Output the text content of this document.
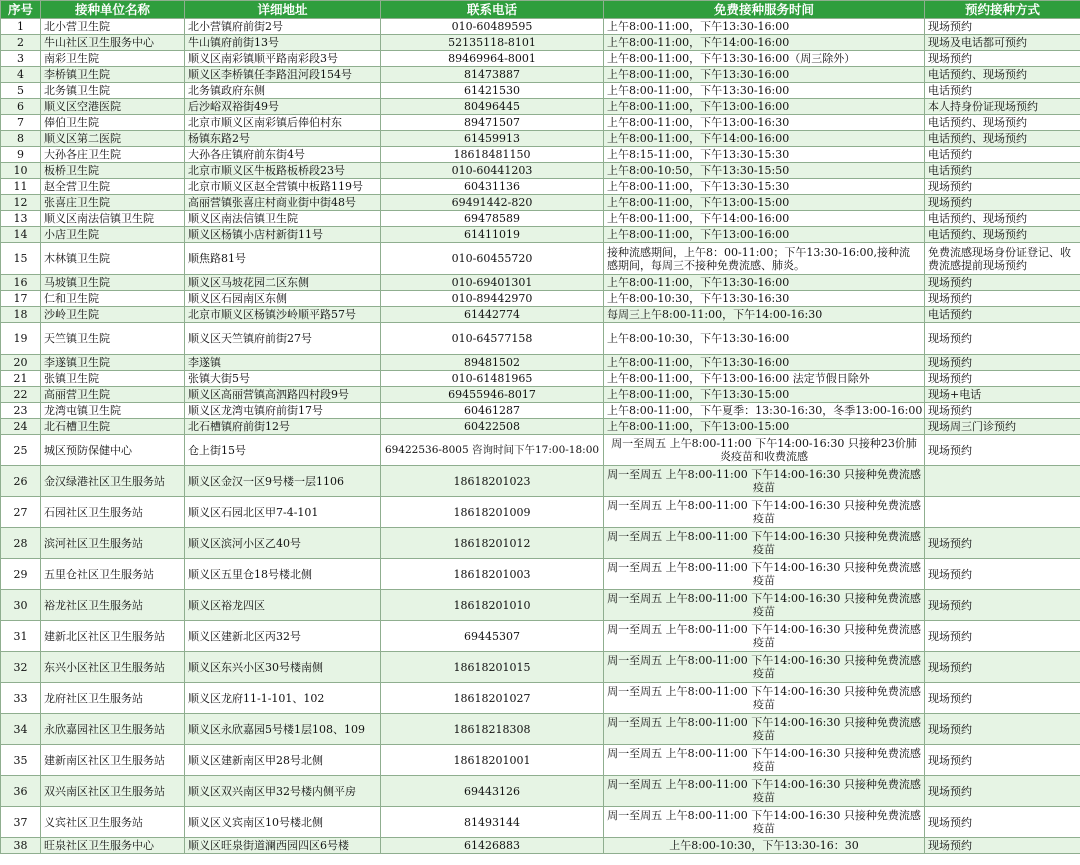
序号	接种单位名称	详细地址	联系电话	免费接种服务时间	预约接种方式
1	北小营卫生院	北小营镇府前街2号	010-60489595	上午8:00-11:00，下午13:30-16:00	现场预约
2	牛山社区卫生服务中心	牛山镇府前街13号	52135118-8101	上午8:00-11:00，下午14:00-16:00	现场及电话都可预约
3	南彩卫生院	顺义区南彩镇顺平路南彩段3号	89469964-8001	上午8:00-11:00，下午13:30-16:00（周三除外）	现场预约
4	李桥镇卫生院	顺义区李桥镇任李路沮河段154号	81473887	上午8:00-11:00，下午13:30-16:00	电话预约、现场预约
5	北务镇卫生院	北务镇政府东侧	61421530	上午8:00-11:00，下午13:30-16:00	电话预约
6	顺义区空港医院	后沙峪双裕街49号	80496445	上午8:00-11:00，下午13:00-16:00	本人持身份证现场预约
7	俸伯卫生院	北京市顺义区南彩镇后俸伯村东	89471507	上午8:00-11:00，下午13:00-16:30	电话预约、现场预约
8	顺义区第二医院	杨镇东路2号	61459913	上午8:00-11:00，下午14:00-16:00	电话预约、现场预约
9	大孙各庄卫生院	大孙各庄镇府前东街4号	18618481150	上午8:15-11:00，下午13:30-15:30	电话预约
10	板桥卫生院	北京市顺义区牛板路板桥段23号	010-60441203	上午8:00-10:50，下午13:30-15:50	电话预约
11	赵全营卫生院	北京市顺义区赵全营镇中板路119号	60431136	上午8:00-11:00，下午13:30-15:30	现场预约
12	张喜庄卫生院	高丽营镇张喜庄村商业街中街48号	69491442-820	上午8:00-11:00，下午13:00-15:00	现场预约
13	顺义区南法信镇卫生院	顺义区南法信镇卫生院	69478589	上午8:00-11:00，下午14:00-16:00	电话预约、现场预约
14	小店卫生院	顺义区杨镇小店村新街11号	61411019	上午8:00-11:00，下午13:00-16:00	电话预约、现场预约
15	木林镇卫生院	顺焦路81号	010-60455720	接种流感期间，上午8：00-11:00；下午13:30-16:00,接种流感期间，每周三不接种免费流感、肺炎。	免费流感现场身份证登记、收费流感提前现场预约
16	马坡镇卫生院	顺义区马坡花园二区东侧	010-69401301	上午8:00-11:00，下午13:30-16:00	现场预约
17	仁和卫生院	顺义区石园南区东侧	010-89442970	上午8:00-10:30，下午13:30-16:30	现场预约
18	沙岭卫生院	北京市顺义区杨镇沙岭顺平路57号	61442774	每周三上午8:00-11:00，下午14:00-16:30	电话预约
19	天竺镇卫生院	顺义区天竺镇府前街27号	010-64577158	上午8:00-10:30，下午13:30-16:00	现场预约
20	李遂镇卫生院	李遂镇	89481502	上午8:00-11:00，下午13:30-16:00	现场预约
21	张镇卫生院	张镇大街5号	010-61481965	上午8:00-11:00，下午13:00-16:00 法定节假日除外	现场预约
22	高丽营卫生院	顺义区高丽营镇高泗路四村段9号	69455946-8017	上午8:00-11:00，下午13:30-15:00	现场+电话
23	龙湾屯镇卫生院	顺义区龙湾屯镇府前街17号	60461287	上午8:00-11:00，下午夏季：13:30-16:30，冬季13:00-16:00	现场预约
24	北石槽卫生院	北石槽镇府前街12号	60422508	上午8:00-11:00，下午13:00-15:00	现场周三门诊预约
25	城区预防保健中心	仓上街15号	69422536-8005 咨询时间下午17:00-18:00	周一至周五 上午8:00-11:00 下午14:00-16:30 只接种23价肺炎疫苗和收费流感	现场预约
26	金汉绿港社区卫生服务站	顺义区金汉一区9号楼一层1106	18618201023	周一至周五 上午8:00-11:00 下午14:00-16:30 只接种免费流感疫苗	
27	石园社区卫生服务站	顺义区石园北区甲7-4-101	18618201009	周一至周五 上午8:00-11:00 下午14:00-16:30 只接种免费流感疫苗	
28	滨河社区卫生服务站	顺义区滨河小区乙40号	18618201012	周一至周五 上午8:00-11:00 下午14:00-16:30 只接种免费流感疫苗	现场预约
29	五里仓社区卫生服务站	顺义区五里仓18号楼北侧	18618201003	周一至周五 上午8:00-11:00 下午14:00-16:30 只接种免费流感疫苗	现场预约
30	裕龙社区卫生服务站	顺义区裕龙四区	18618201010	周一至周五 上午8:00-11:00 下午14:00-16:30 只接种免费流感疫苗	现场预约
31	建新北区社区卫生服务站	顺义区建新北区丙32号	69445307	周一至周五 上午8:00-11:00 下午14:00-16:30 只接种免费流感疫苗	现场预约
32	东兴小区社区卫生服务站	顺义区东兴小区30号楼南侧	18618201015	周一至周五 上午8:00-11:00 下午14:00-16:30 只接种免费流感疫苗	现场预约
33	龙府社区卫生服务站	顺义区龙府11-1-101、102	18618201027	周一至周五 上午8:00-11:00 下午14:00-16:30 只接种免费流感疫苗	现场预约
34	永欣嘉园社区卫生服务站	顺义区永欣嘉园5号楼1层108、109	18618218308	周一至周五 上午8:00-11:00 下午14:00-16:30 只接种免费流感疫苗	现场预约
35	建新南区社区卫生服务站	顺义区建新南区甲28号北侧	18618201001	周一至周五 上午8:00-11:00 下午14:00-16:30 只接种免费流感疫苗	现场预约
36	双兴南区社区卫生服务站	顺义区双兴南区甲32号楼内侧平房	69443126	周一至周五 上午8:00-11:00 下午14:00-16:30 只接种免费流感疫苗	现场预约
37	义宾社区卫生服务站	顺义区义宾南区10号楼北侧	81493144	周一至周五 上午8:00-11:00 下午14:00-16:30 只接种免费流感疫苗	现场预约
38	旺泉社区卫生服务中心	顺义区旺泉街道澜西园四区6号楼	61426883	上午8:00-10:30，下午13:30-16：30	现场预约
